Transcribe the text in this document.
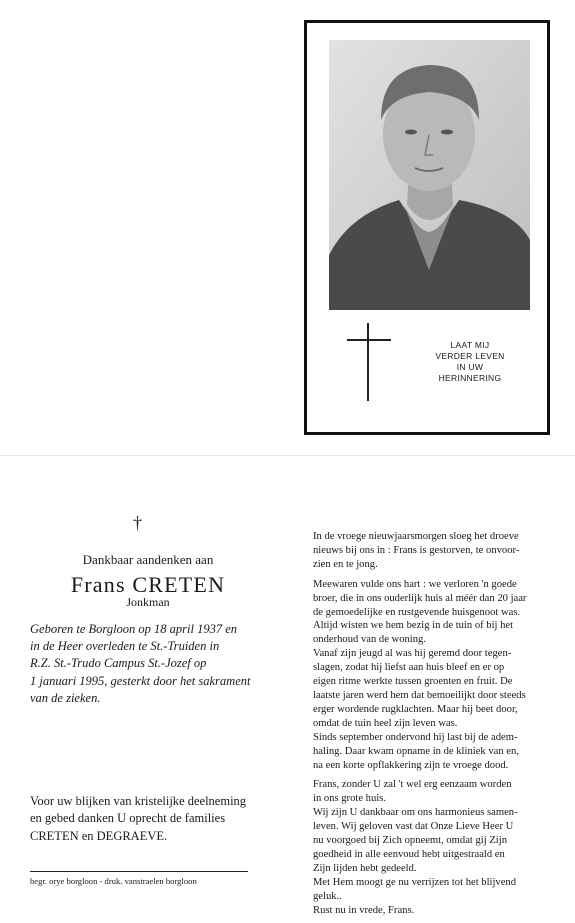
LAAT MIJ
VERDER LEVEN
IN UW
HERINNERING
†
Dankbaar aandenken aan
Frans CRETEN
Jonkman
Geboren te Borgloon op 18 april 1937 en
in de Heer overleden te St.-Truiden in
R.Z. St.-Trudo Campus St.-Jozef op
1 januari 1995, gesterkt door het sakrament
van de zieken.
Voor uw blijken van kristelijke deelneming
en gebed danken U oprecht de families
CRETEN en DEGRAEVE.
begr. orye borgloon - druk. vanstraelen borgloon
In de vroege nieuwjaarsmorgen sloeg het droeve
nieuws bij ons in : Frans is gestorven, te onvoor-
zien en te jong.
Meewaren vulde ons hart : we verloren 'n goede
broer, die in ons ouderlijk huis al méér dan 20 jaar
de gemoedelijke en rustgevende huisgenoot was.
Altijd wisten we hem bezig in de tuin of bij het
onderhoud van de woning.
Vanaf zijn jeugd al was hij geremd door tegen-
slagen, zodat hij liefst aan huis bleef en er op
eigen ritme werkte tussen groenten en fruit. De
laatste jaren werd hem dat bemoeilijkt door steeds
erger wordende rugklachten. Maar hij beet door,
omdat de tuin heel zijn leven was.
Sinds september ondervond hij last bij de adem-
haling. Daar kwam opname in de kliniek van en,
na een korte opflakkering zijn te vroege dood.
Frans, zonder U zal 't wel erg eenzaam worden
in ons grote huis.
Wij zijn U dankbaar om ons harmonieus samen-
leven. Wij geloven vast dat Onze Lieve Heer U
nu voorgoed bij Zich opneemt, omdat gij Zijn
goedheid in alle eenvoud hebt uitgestraald en
Zijn lijden hebt gedeeld.
Met Hem moogt ge nu verrijzen tot het blijvend
geluk..
Rust nu in vrede, Frans.
